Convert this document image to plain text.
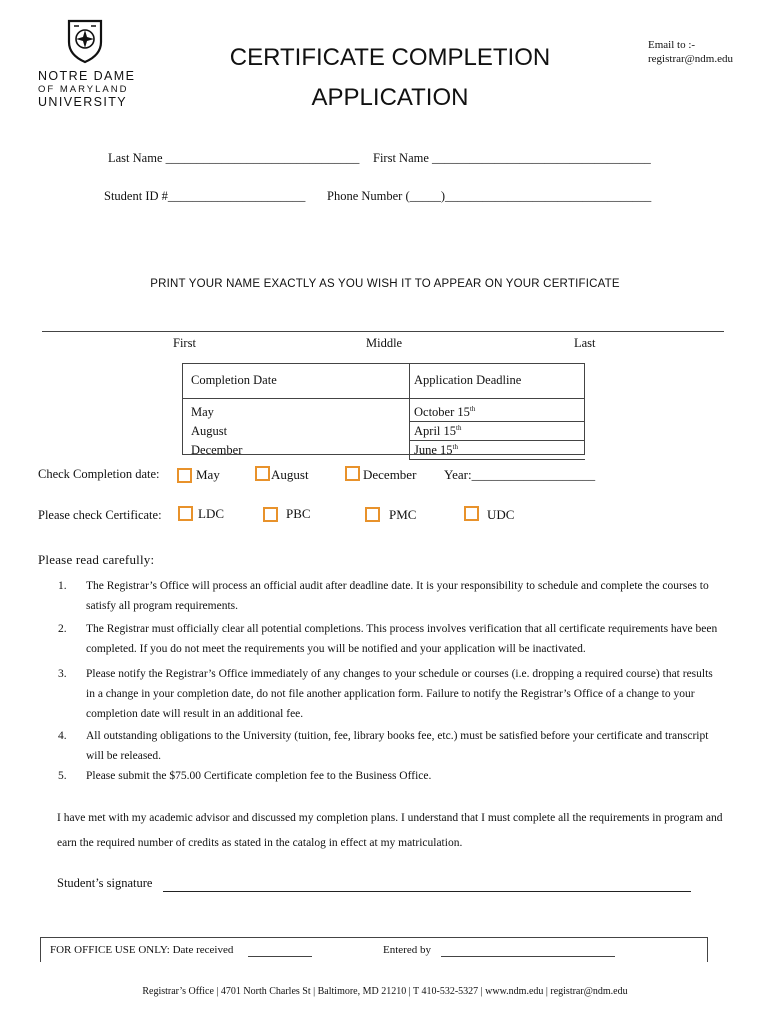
NOTRE DAME
OF MARYLAND
UNIVERSITY
CERTIFICATE COMPLETION
APPLICATION
Email to :-
registrar@ndm.edu
Last Name _______________________________ First Name ___________________________________
Student ID #______________________ Phone Number (_____)_________________________________
PRINT YOUR NAME EXACTLY AS YOU WISH IT TO APPEAR ON YOUR CERTIFICATE
First	Middle	Last
Completion Date	Application Deadline
May	October 15th
August	April 15th
December	June 15th
Check Completion date:	May	August	December Year:___________________
Please check Certificate:	LDC	PBC	PMC	UDC
Please read carefully:
1. The Registrar’s Office will process an official audit after deadline date. It is your responsibility to schedule and complete the courses to satisfy all program requirements.
2. The Registrar must officially clear all potential completions. This process involves verification that all certificate requirements have been completed. If you do not meet the requirements you will be notified and your application will be inactivated.
3. Please notify the Registrar’s Office immediately of any changes to your schedule or courses (i.e. dropping a required course) that results in a change in your completion date, do not file another application form. Failure to notify the Registrar’s Office of a change to your completion date will result in an additional fee.
4. All outstanding obligations to the University (tuition, fee, library books fee, etc.) must be satisfied before your certificate and transcript will be released.
5. Please submit the $75.00 Certificate completion fee to the Business Office.
I have met with my academic advisor and discussed my completion plans. I understand that I must complete all the requirements in program and earn the required number of credits as stated in the catalog in effect at my matriculation.
Student’s signature
FOR OFFICE USE ONLY: Date received	Entered by
Registrar’s Office | 4701 North Charles St | Baltimore, MD 21210 | T 410-532-5327 | www.ndm.edu | registrar@ndm.edu
